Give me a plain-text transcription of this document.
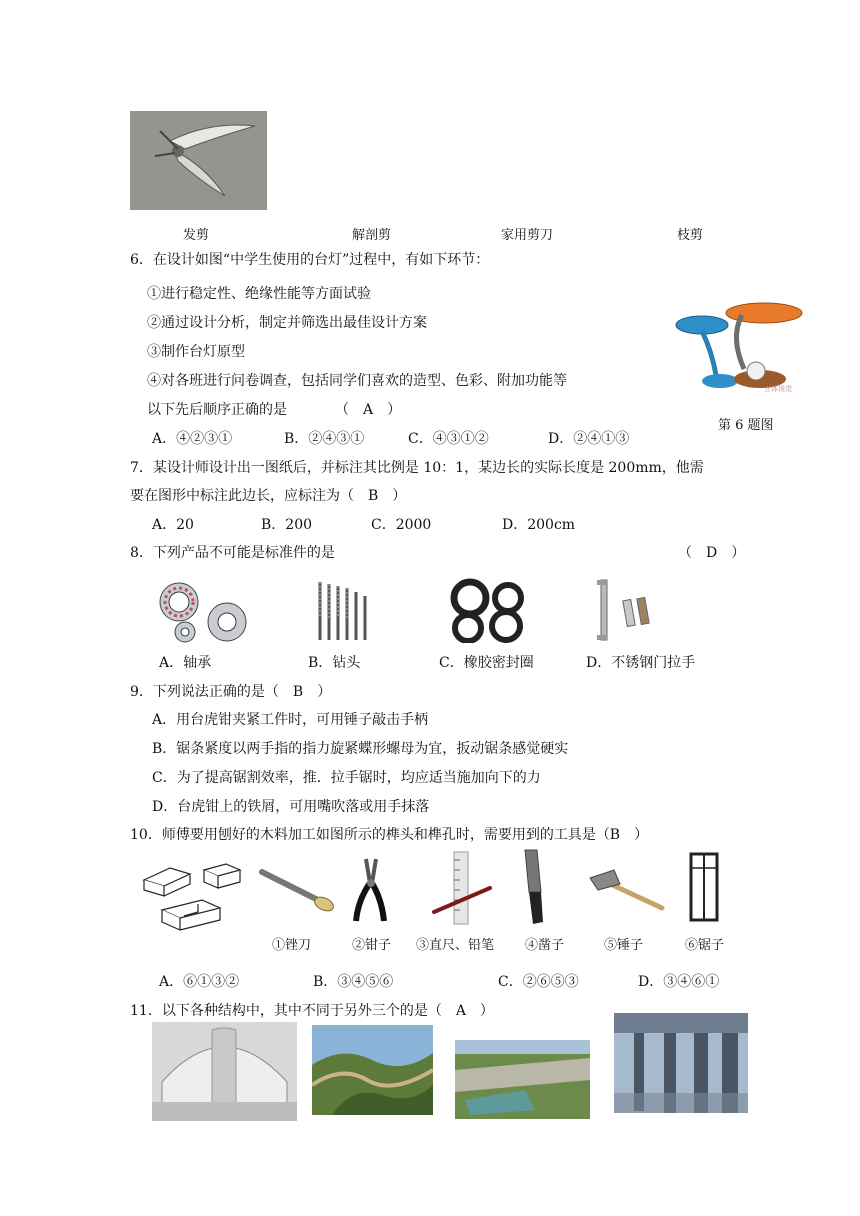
发剪	解剖剪	家用剪刀	枝剪
6．在设计如图“中学生使用的台灯”过程中，有如下环节：
①进行稳定性、绝缘性能等方面试验
②通过设计分析，制定并筛选出最佳设计方案
③制作台灯原型
④对各班进行问卷调查，包括同学们喜欢的造型、色彩、附加功能等
以下先后顺序正确的是	（　A　）
A．④②③①	B．②④③①	C．④③①②	D．②④①③
立体视觉
第 6 题图
7．某设计师设计出一图纸后，并标注其比例是 10：1，某边长的实际长度是 200mm，他需
要在图形中标注此边长，应标注为（　B　）
A．20	B．200	C．2000	D．200cm
8．下列产品不可能是标准件的是	（　D　）
A．轴承	B．钻头	C．橡胶密封圈	D．不锈钢门拉手
9．下列说法正确的是（　B　）
A．用台虎钳夹紧工件时，可用锤子敲击手柄
B．锯条紧度以两手指的指力旋紧蝶形螺母为宜，扳动锯条感觉硬实
C．为了提高锯割效率，推．拉手锯时，均应适当施加向下的力
D．台虎钳上的铁屑，可用嘴吹落或用手抹落
10．师傅要用刨好的木料加工如图所示的榫头和榫孔时，需要用到的工具是（B　）
①锉刀	②钳子 ③直尺、铅笔 ④凿子	⑤锤子	⑥锯子
A．⑥①③②	B．③④⑤⑥	C．②⑥⑤③	D．③④⑥①
11．以下各种结构中，其中不同于另外三个的是（　A　）
